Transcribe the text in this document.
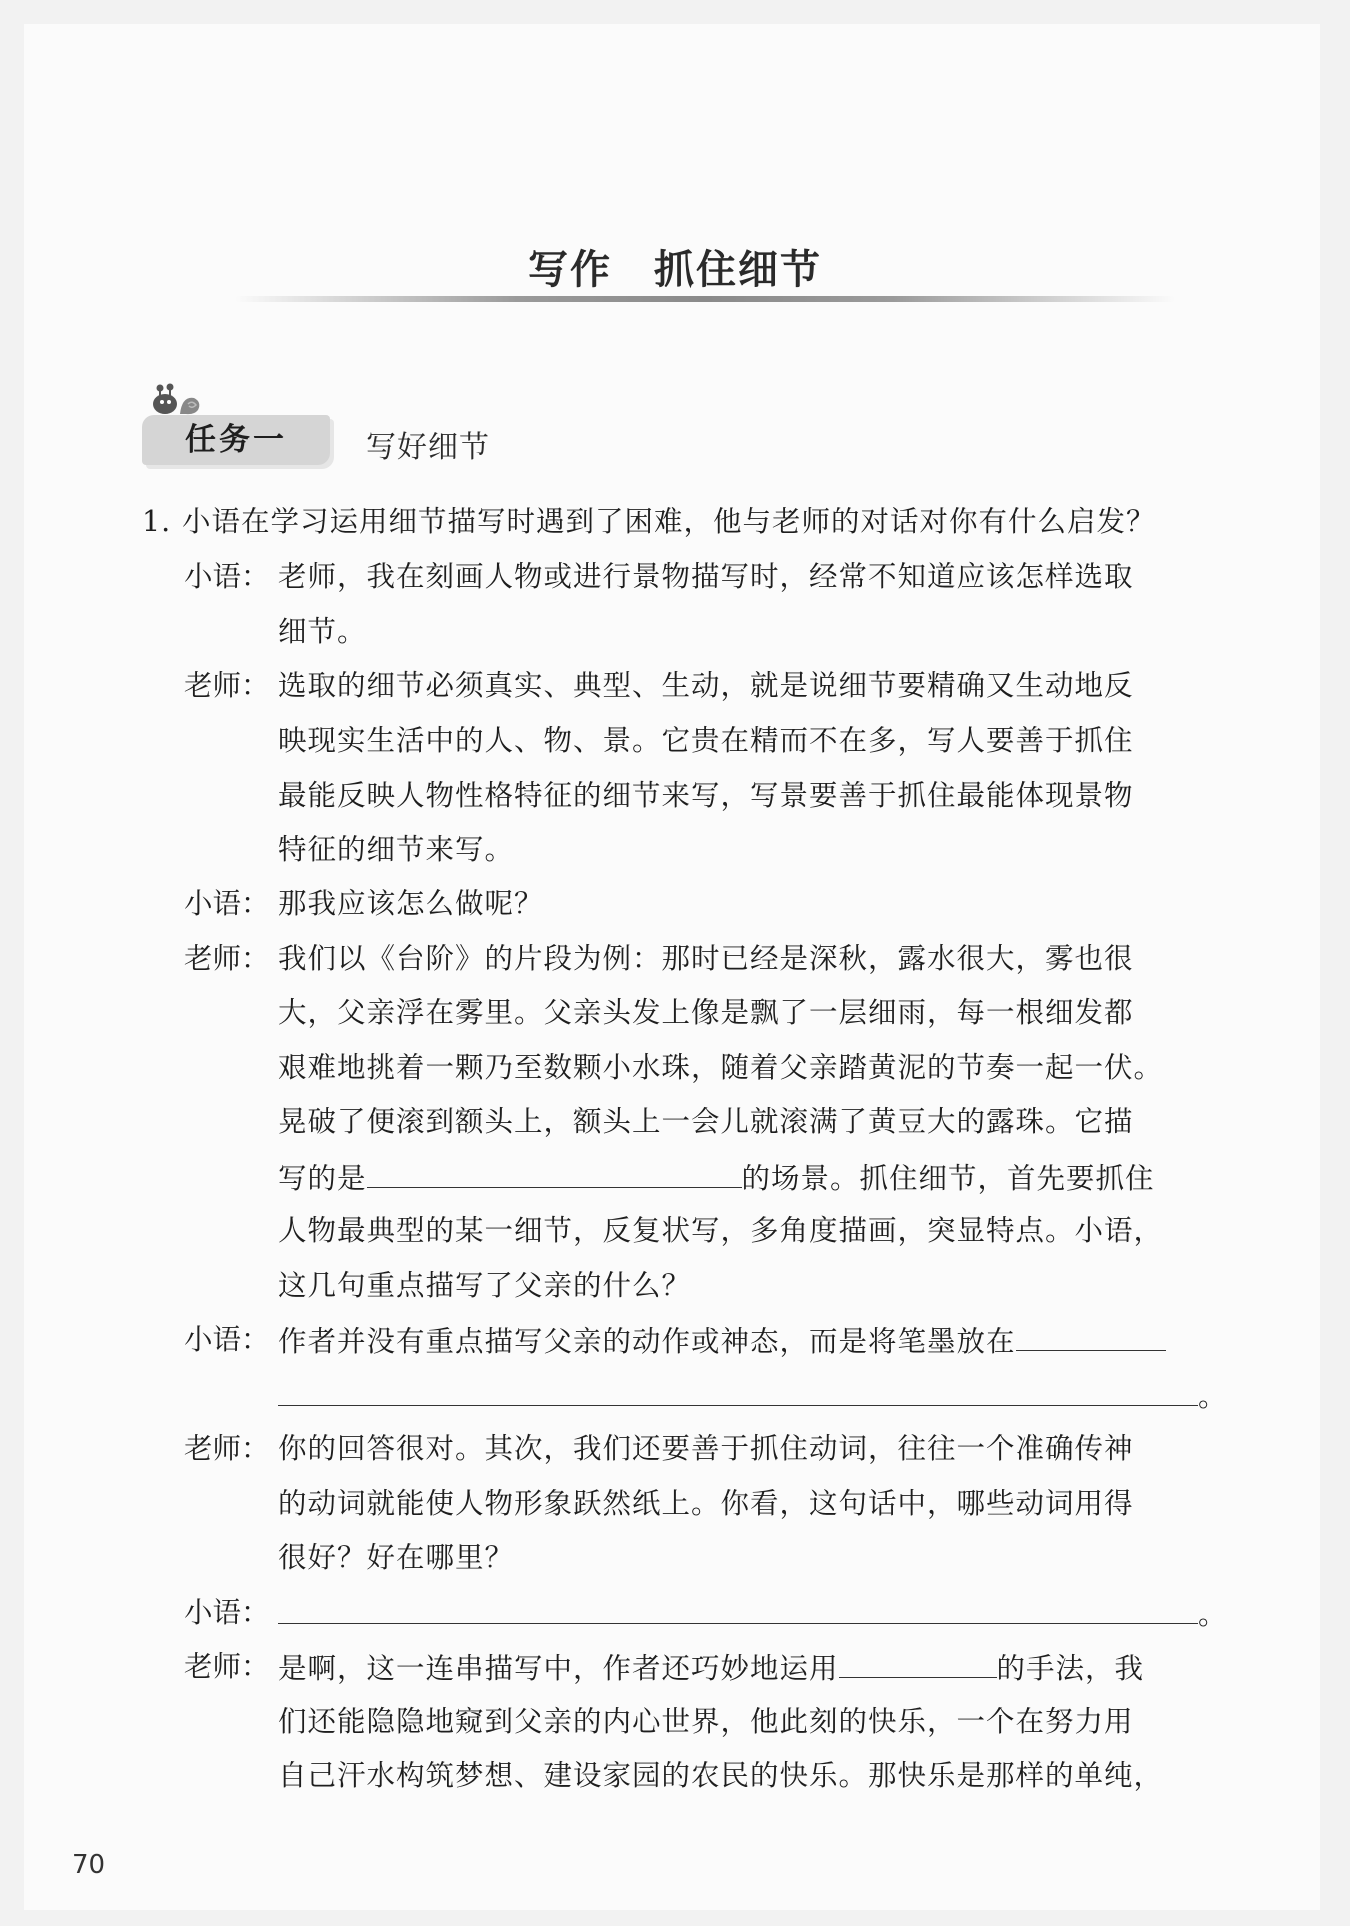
写作　抓住细节
任务一	写好细节
1. 小语在学习运用细节描写时遇到了困难，他与老师的对话对你有什么启发？
小语： 老师，我在刻画人物或进行景物描写时，经常不知道应该怎样选取
细节。
老师： 选取的细节必须真实、典型、生动，就是说细节要精确又生动地反
映现实生活中的人、物、景。它贵在精而不在多，写人要善于抓住
最能反映人物性格特征的细节来写，写景要善于抓住最能体现景物
特征的细节来写。
小语： 那我应该怎么做呢？
老师： 我们以《台阶》的片段为例：那时已经是深秋，露水很大，雾也很
大，父亲浮在雾里。父亲头发上像是飘了一层细雨，每一根细发都
艰难地挑着一颗乃至数颗小水珠，随着父亲踏黄泥的节奏一起一伏。
晃破了便滚到额头上，额头上一会儿就滚满了黄豆大的露珠。它描
写的是	的场景。抓住细节，首先要抓住
人物最典型的某一细节，反复状写，多角度描画，突显特点。小语，
这几句重点描写了父亲的什么？
小语： 作者并没有重点描写父亲的动作或神态，而是将笔墨放在
。
老师： 你的回答很对。其次，我们还要善于抓住动词，往往一个准确传神
的动词就能使人物形象跃然纸上。你看，这句话中，哪些动词用得
很好？好在哪里？
小语：	。
老师： 是啊，这一连串描写中，作者还巧妙地运用	的手法，我
们还能隐隐地窥到父亲的内心世界，他此刻的快乐，一个在努力用
自己汗水构筑梦想、建设家园的农民的快乐。那快乐是那样的单纯，
70
